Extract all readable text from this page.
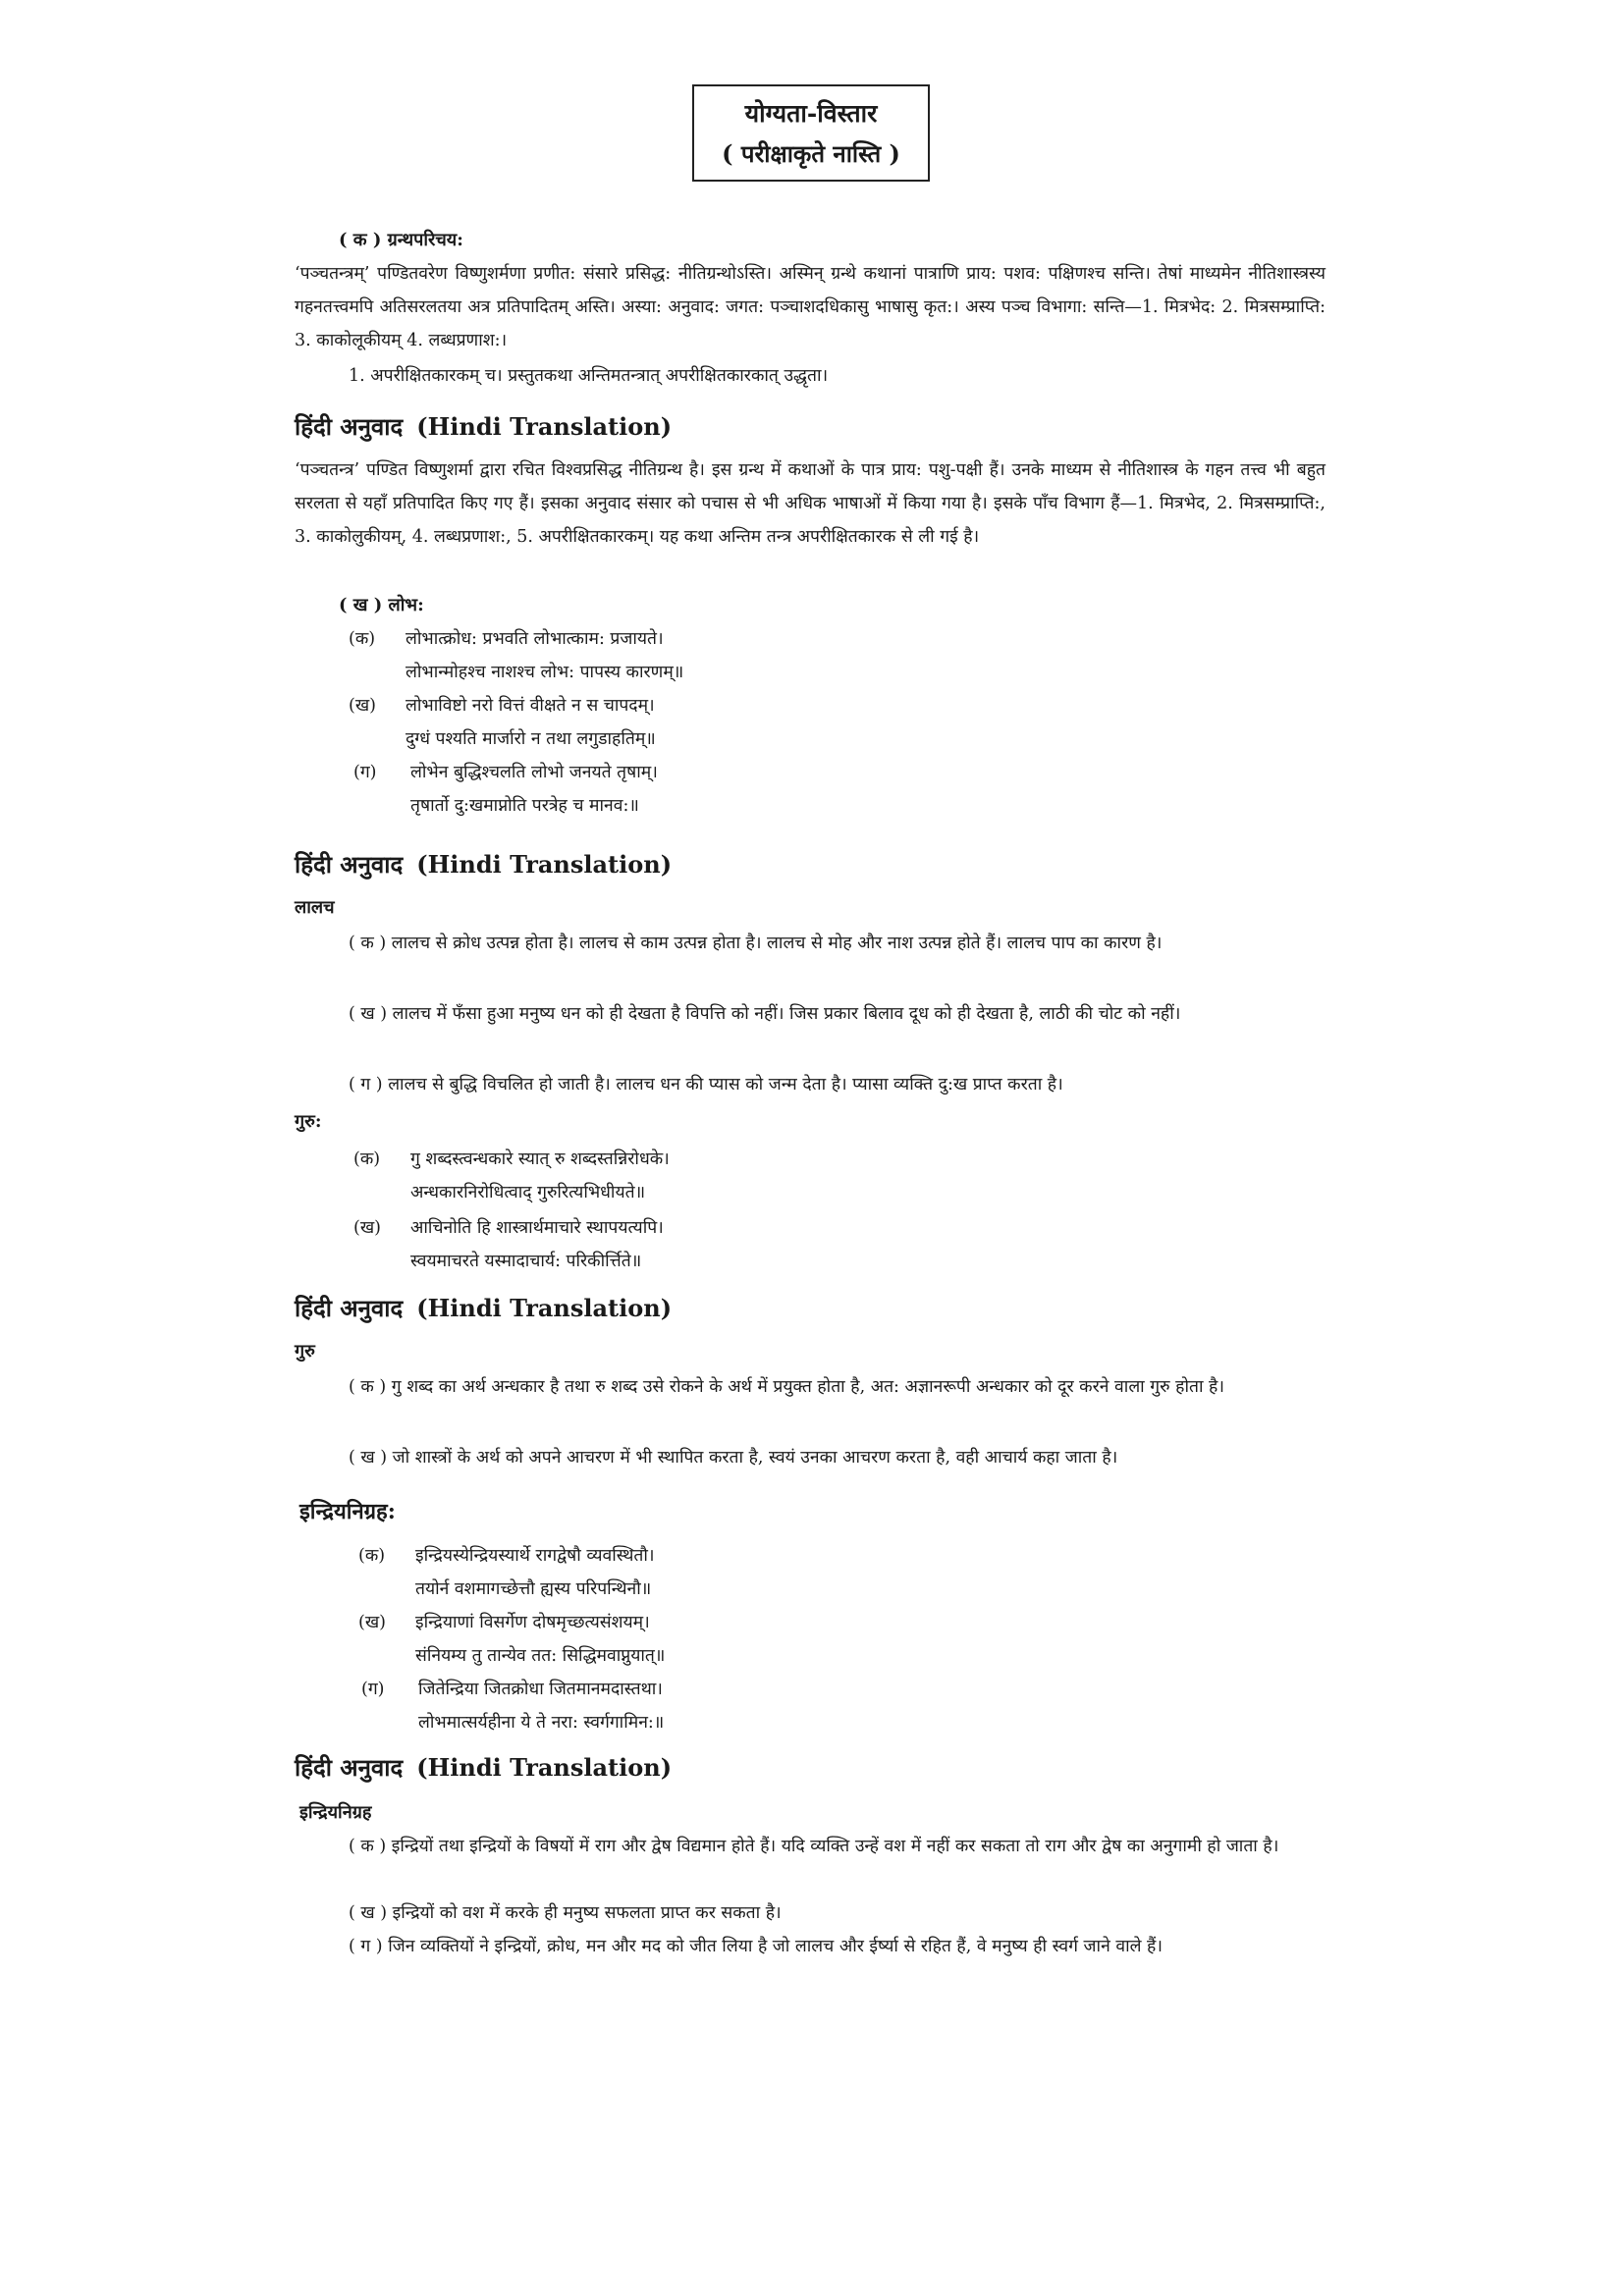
योग्यता-विस्तार
( परीक्षाकृते नास्ति )
( क ) ग्रन्थपरिचय:
‘पञ्चतन्त्रम्’ पण्डितवरेण विष्णुशर्मणा प्रणीत: संसारे प्रसिद्ध: नीतिग्रन्थोऽस्ति। अस्मिन् ग्रन्थे कथानां पात्राणि प्राय: पशव: पक्षिणश्च सन्ति। तेषां माध्यमेन नीतिशास्त्रस्य गहनतत्त्वमपि अतिसरलतया अत्र प्रतिपादितम् अस्ति। अस्या: अनुवाद: जगत: पञ्चाशदधिकासु भाषासु कृत:। अस्य पञ्च विभागा: सन्ति—1. मित्रभेद: 2. मित्रसम्प्राप्ति: 3. काकोलूकीयम् 4. लब्धप्रणाश:।
1. अपरीक्षितकारकम् च। प्रस्तुतकथा अन्तिमतन्त्रात् अपरीक्षितकारकात् उद्धृता।
हिंदी अनुवाद (Hindi Translation)
‘पञ्चतन्त्र’ पण्डित विष्णुशर्मा द्वारा रचित विश्वप्रसिद्ध नीतिग्रन्थ है। इस ग्रन्थ में कथाओं के पात्र प्राय: पशु-पक्षी हैं। उनके माध्यम से नीतिशास्त्र के गहन तत्त्व भी बहुत सरलता से यहाँ प्रतिपादित किए गए हैं। इसका अनुवाद संसार को पचास से भी अधिक भाषाओं में किया गया है। इसके पाँच विभाग हैं—1. मित्रभेद, 2. मित्रसम्प्राप्ति:, 3. काकोलुकीयम्, 4. लब्धप्रणाश:, 5. अपरीक्षितकारकम्। यह कथा अन्तिम तन्त्र अपरीक्षितकारक से ली गई है।
( ख ) लोभ:
(क) लोभात्क्रोध: प्रभवति लोभात्काम: प्रजायते।
लोभान्मोहश्च नाशश्च लोभ: पापस्य कारणम्॥
(ख) लोभाविष्टो नरो वित्तं वीक्षते न स चापदम्।
दुग्धं पश्यति मार्जारो न तथा लगुडाहतिम्॥
(ग) लोभेन बुद्धिश्चलति लोभो जनयते तृषाम्।
तृषार्तो दु:खमाप्नोति परत्रेह च मानव:॥
हिंदी अनुवाद (Hindi Translation)
लालच
( क ) लालच से क्रोध उत्पन्न होता है। लालच से काम उत्पन्न होता है। लालच से मोह और नाश उत्पन्न होते हैं। लालच पाप का कारण है।
( ख ) लालच में फँसा हुआ मनुष्य धन को ही देखता है विपत्ति को नहीं। जिस प्रकार बिलाव दूध को ही देखता है, लाठी की चोट को नहीं।
( ग ) लालच से बुद्धि विचलित हो जाती है। लालच धन की प्यास को जन्म देता है। प्यासा व्यक्ति दु:ख प्राप्त करता है।
गुरु:
(क) गु शब्दस्त्वन्धकारे स्यात् रु शब्दस्तन्निरोधके।
अन्धकारनिरोधित्वाद् गुरुरित्यभिधीयते॥
(ख) आचिनोति हि शास्त्रार्थमाचारे स्थापयत्यपि।
स्वयमाचरते यस्मादाचार्य: परिकीर्त्तिते॥
हिंदी अनुवाद (Hindi Translation)
गुरु
( क ) गु शब्द का अर्थ अन्धकार है तथा रु शब्द उसे रोकने के अर्थ में प्रयुक्त होता है, अत: अज्ञानरूपी अन्धकार को दूर करने वाला गुरु होता है।
( ख ) जो शास्त्रों के अर्थ को अपने आचरण में भी स्थापित करता है, स्वयं उनका आचरण करता है, वही आचार्य कहा जाता है।
इन्द्रियनिग्रह:
(क) इन्द्रियस्येन्द्रियस्यार्थे रागद्वेषौ व्यवस्थितौ।
तयोर्न वशमागच्छेत्तौ ह्यस्य परिपन्थिनौ॥
(ख) इन्द्रियाणां विसर्गेण दोषमृच्छत्यसंशयम्।
संनियम्य तु तान्येव तत: सिद्धिमवाप्नुयात्॥
(ग) जितेन्द्रिया जितक्रोधा जितमानमदास्तथा।
लोभमात्सर्यहीना ये ते नरा: स्वर्गगामिन:॥
हिंदी अनुवाद (Hindi Translation)
इन्द्रियनिग्रह
( क ) इन्द्रियों तथा इन्द्रियों के विषयों में राग और द्वेष विद्यमान होते हैं। यदि व्यक्ति उन्हें वश में नहीं कर सकता तो राग और द्वेष का अनुगामी हो जाता है।
( ख ) इन्द्रियों को वश में करके ही मनुष्य सफलता प्राप्त कर सकता है।
( ग ) जिन व्यक्तियों ने इन्द्रियों, क्रोध, मन और मद को जीत लिया है जो लालच और ईर्ष्या से रहित हैं, वे मनुष्य ही स्वर्ग जाने वाले हैं।
